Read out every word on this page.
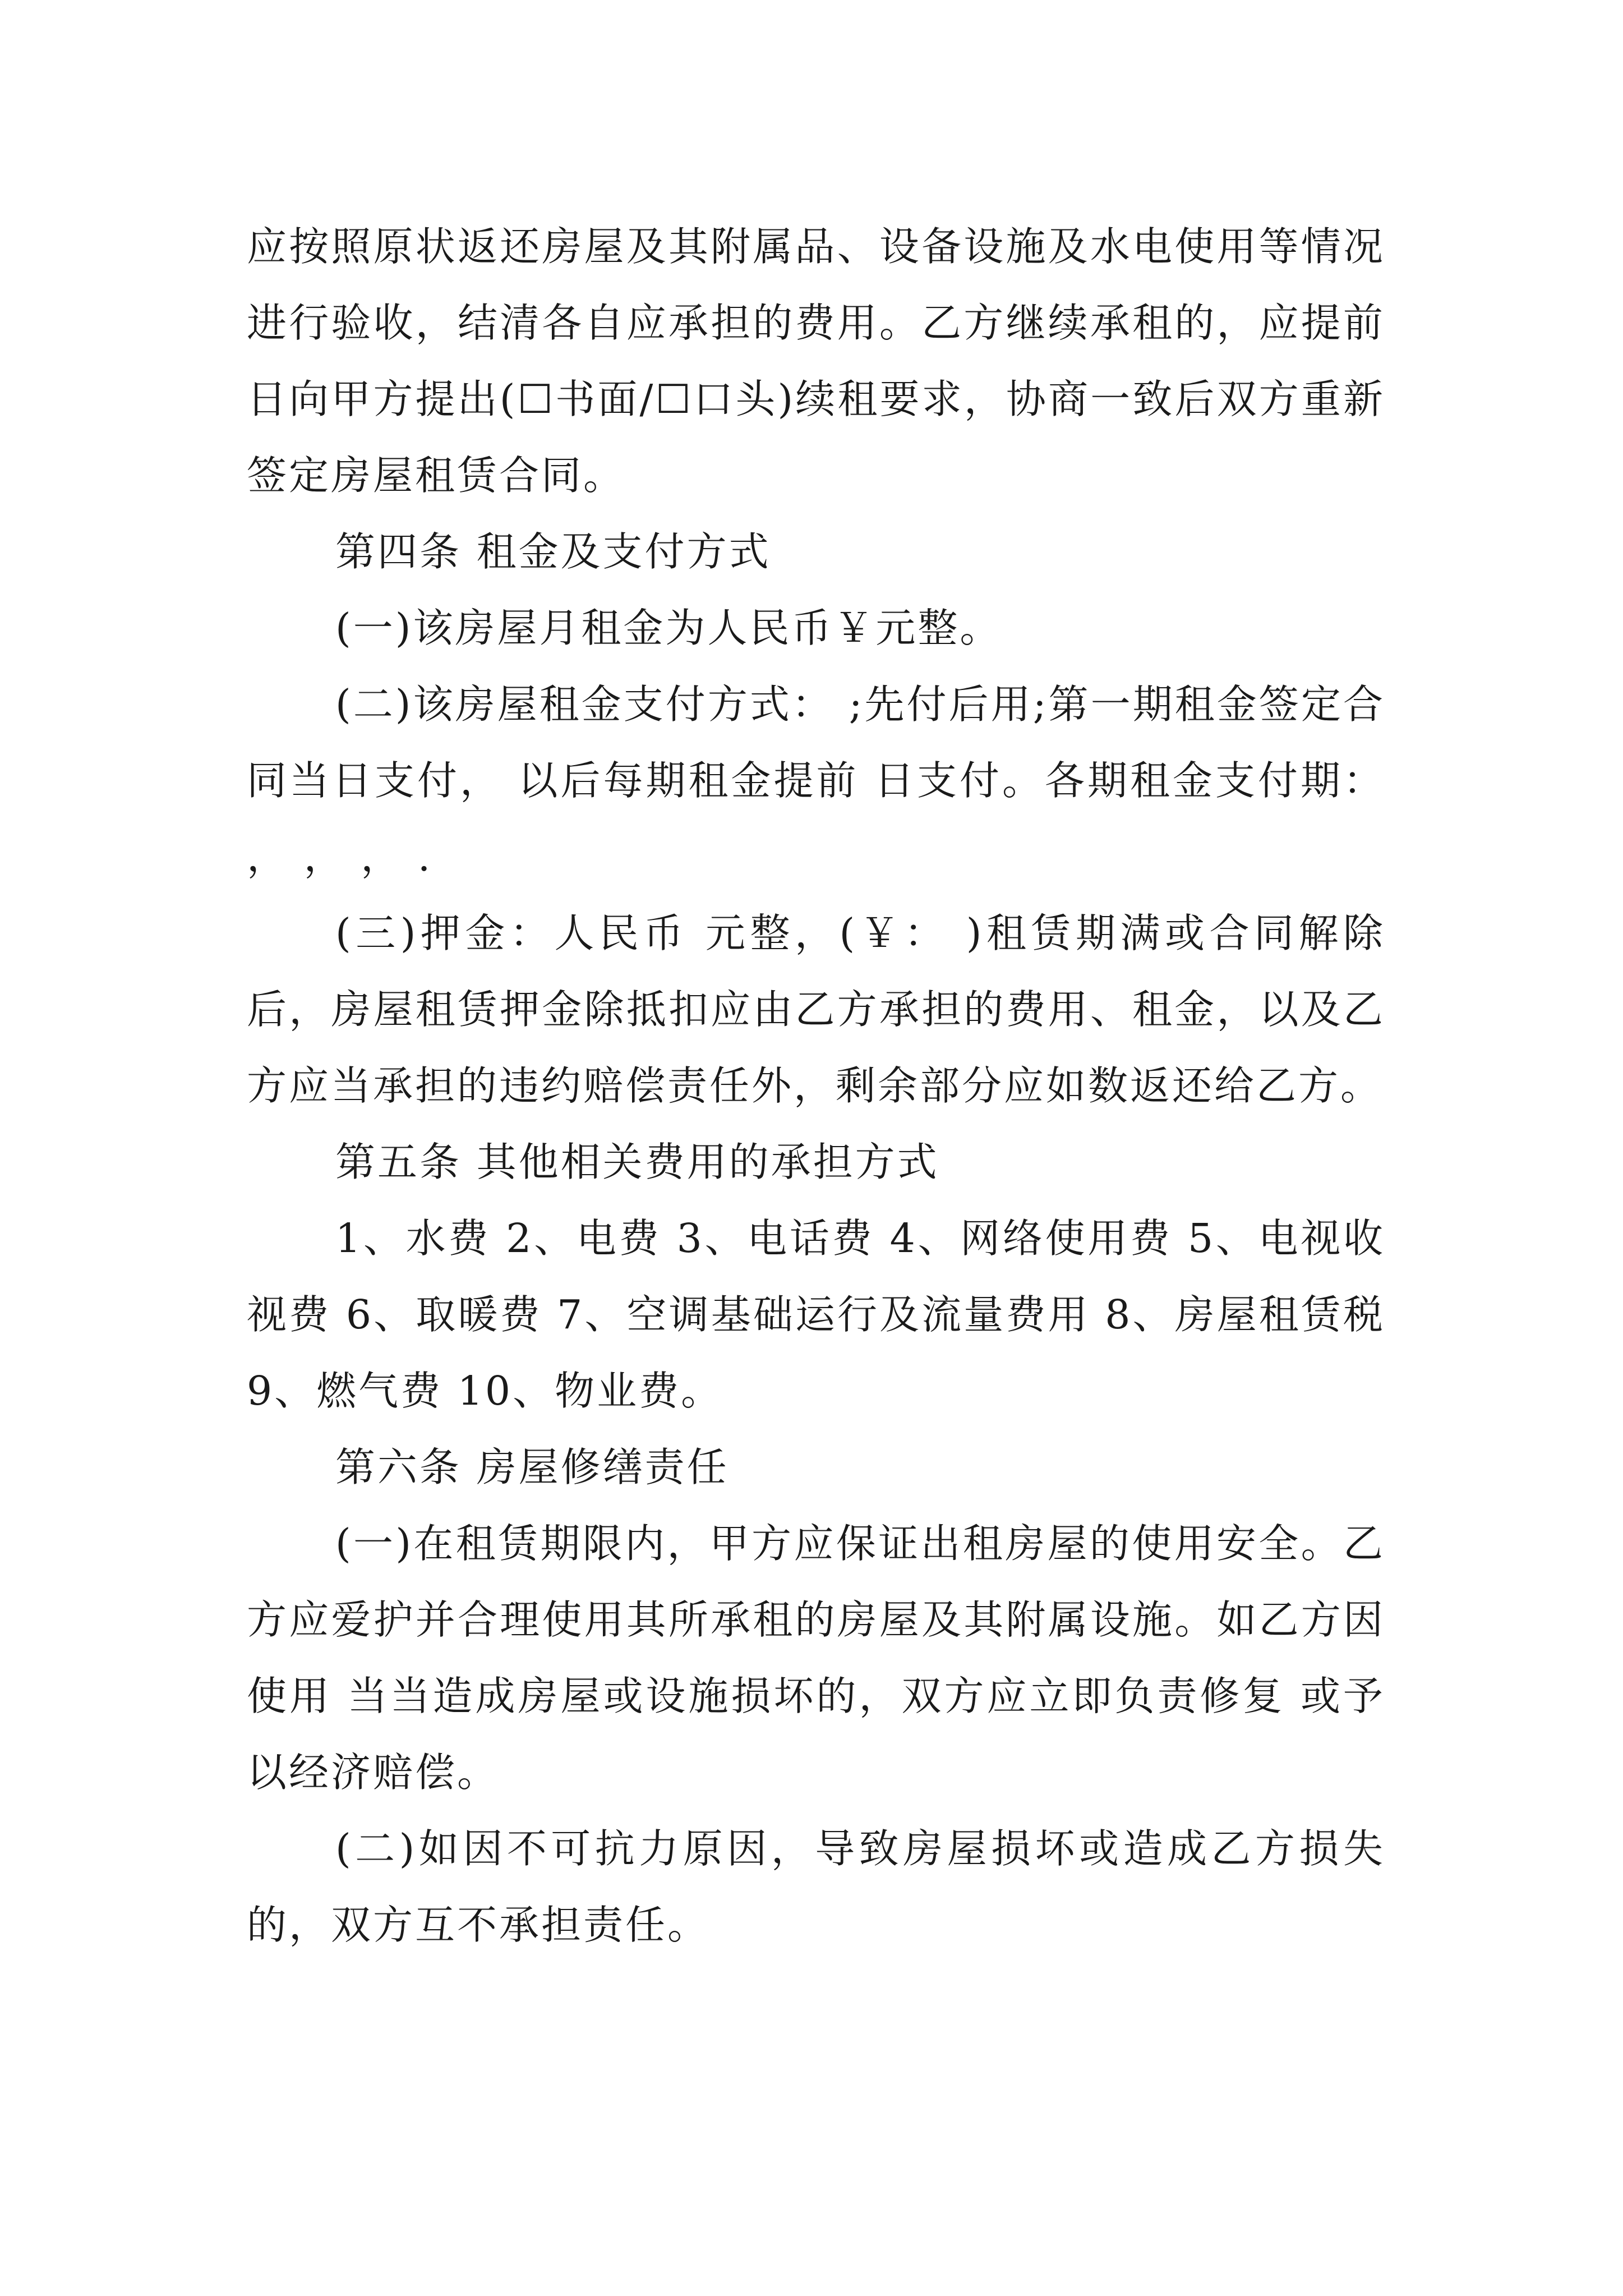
应按照原状返还房屋及其附属品、设备设施及水电使用等情况进行验收，结清各自应承担的费用。乙方继续承租的，应提前 日向甲方提出(☐书面/☐口头)续租要求，协商一致后双方重新签定房屋租赁合同。

第四条 租金及支付方式

(一)该房屋月租金为人民币￥元整。

(二)该房屋租金支付方式： ;先付后用;第一期租金签定合同当日支付， 以后每期租金提前 日支付。各期租金支付期： ， ， ， .

(三)押金：人民币 元整，(￥： )租赁期满或合同解除后，房屋租赁押金除抵扣应由乙方承担的费用、租金，以及乙方应当承担的违约赔偿责任外，剩余部分应如数返还给乙方。

第五条 其他相关费用的承担方式

1、水费 2、电费 3、电话费 4、网络使用费 5、电视收视费 6、取暖费 7、空调基础运行及流量费用 8、房屋租赁税 9、燃气费 10、物业费。

第六条 房屋修缮责任

(一)在租赁期限内，甲方应保证出租房屋的使用安全。乙方应爱护并合理使用其所承租的房屋及其附属设施。如乙方因使用 当当造成房屋或设施损坏的，双方应立即负责修复 或予以经济赔偿。

(二)如因不可抗力原因，导致房屋损坏或造成乙方损失的，双方互不承担责任。
